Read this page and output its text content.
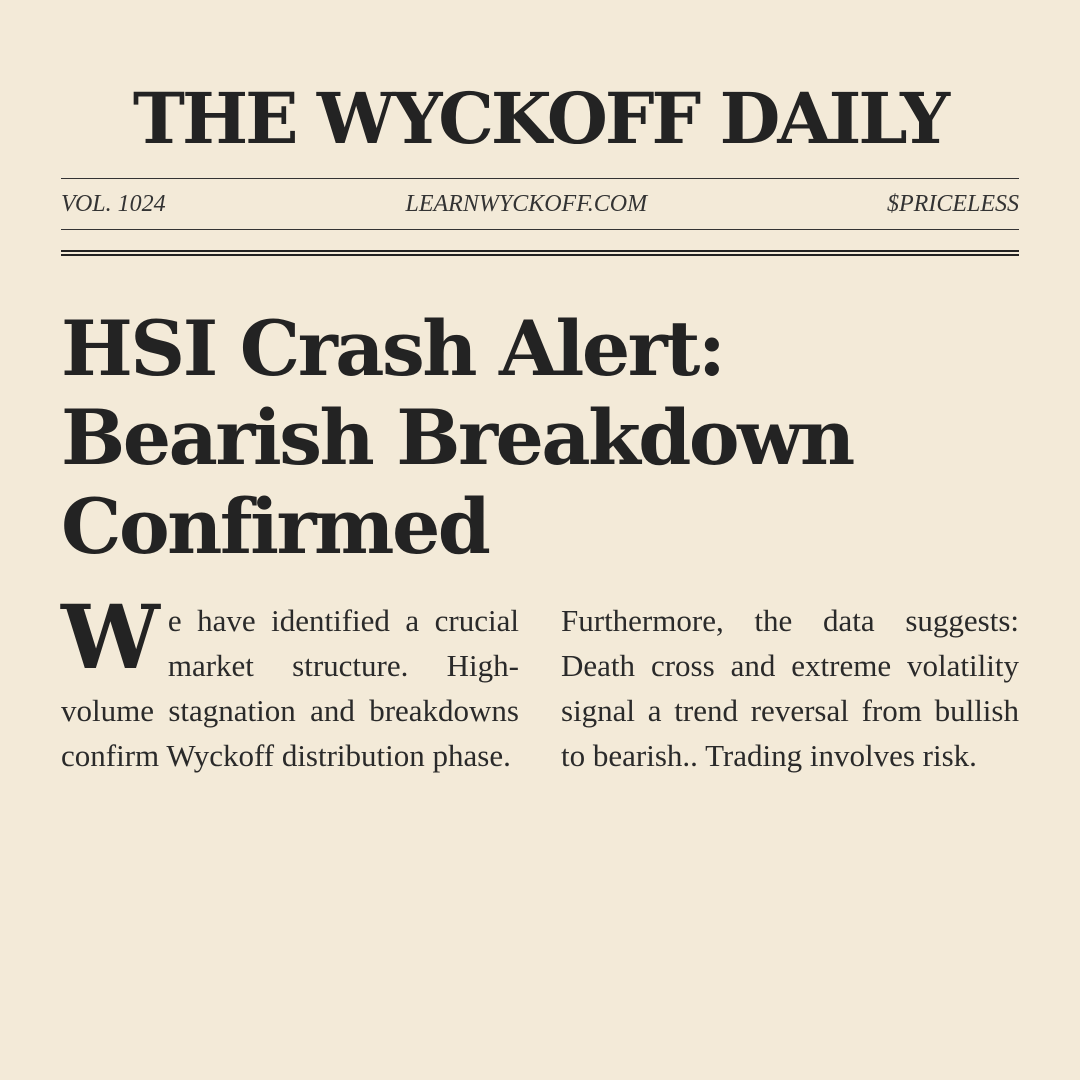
THE WYCKOFF DAILY
VOL. 1024	LEARNWYCKOFF.COM	$PRICELESS
HSI Crash Alert:
Bearish Breakdown
Confirmed
We have identified a crucial market structure. High-volume stagnation and breakdowns confirm Wyckoff distribution phase.
Furthermore, the data suggests: Death cross and extreme volatility signal a trend reversal from bullish to bearish.. Trading involves risk.
